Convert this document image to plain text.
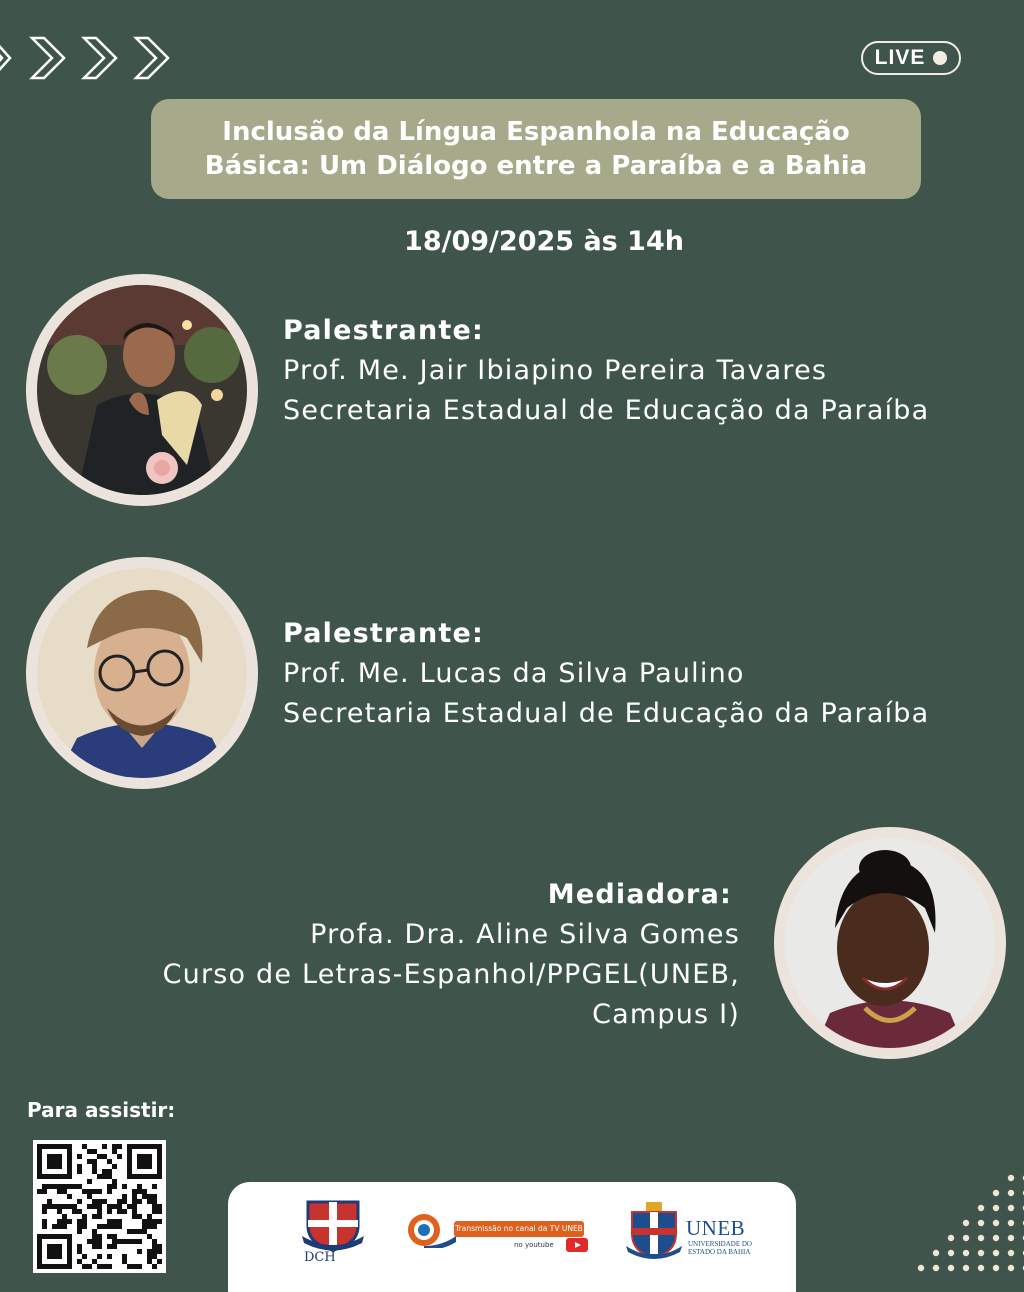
LIVE
Inclusão da Língua Espanhola na Educação
Básica: Um Diálogo entre a Paraíba e a Bahia
18/09/2025 às 14h
Palestrante:
Prof. Me. Jair Ibiapino Pereira Tavares
Secretaria Estadual de Educação da Paraíba
Palestrante:
Prof. Me. Lucas da Silva Paulino
Secretaria Estadual de Educação da Paraíba
Mediadora:
Profa. Dra. Aline Silva Gomes
Curso de Letras-Espanhol/PPGEL(UNEB,
Campus I)
Para assistir:
DCH
Transmissão no canal da TV UNEB
no youtube
UNEB
UNIVERSIDADE DO ESTADO DA BAHIA
